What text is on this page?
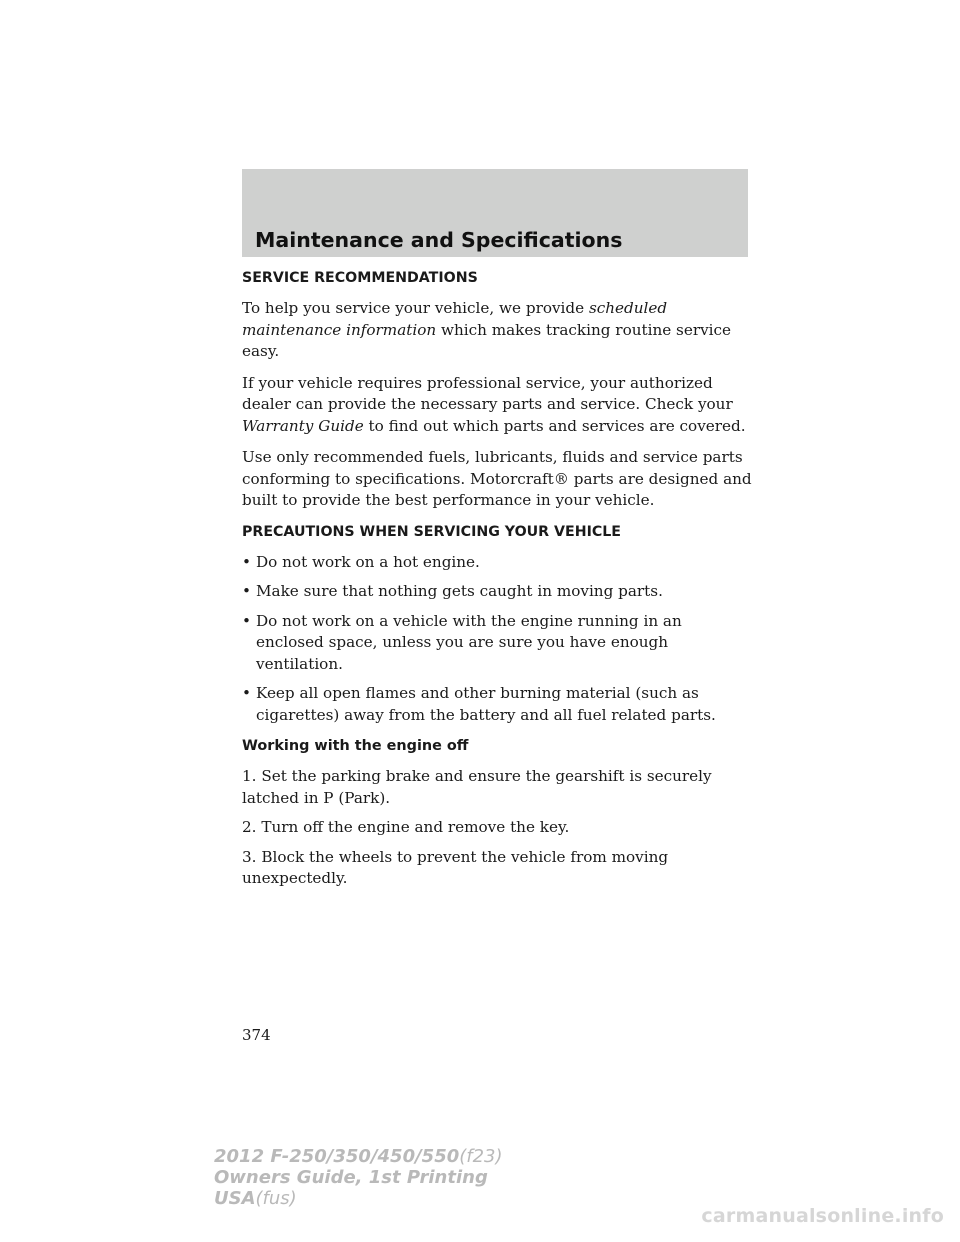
Maintenance and Specifications
SERVICE RECOMMENDATIONS

To help you service your vehicle, we provide scheduled maintenance information which makes tracking routine service easy.

If your vehicle requires professional service, your authorized dealer can provide the necessary parts and service. Check your Warranty Guide to find out which parts and services are covered.

Use only recommended fuels, lubricants, fluids and service parts conforming to specifications. Motorcraft® parts are designed and built to provide the best performance in your vehicle.

PRECAUTIONS WHEN SERVICING YOUR VEHICLE
• Do not work on a hot engine.
• Make sure that nothing gets caught in moving parts.
• Do not work on a vehicle with the engine running in an enclosed space, unless you are sure you have enough ventilation.
• Keep all open flames and other burning material (such as cigarettes) away from the battery and all fuel related parts.
Working with the engine off

1. Set the parking brake and ensure the gearshift is securely latched in P (Park).

2. Turn off the engine and remove the key.

3. Block the wheels to prevent the vehicle from moving unexpectedly.

374
2012 F-250/350/450/550(f23)
Owners Guide, 1st Printing
USA(fus)
carmanualsonline.info
